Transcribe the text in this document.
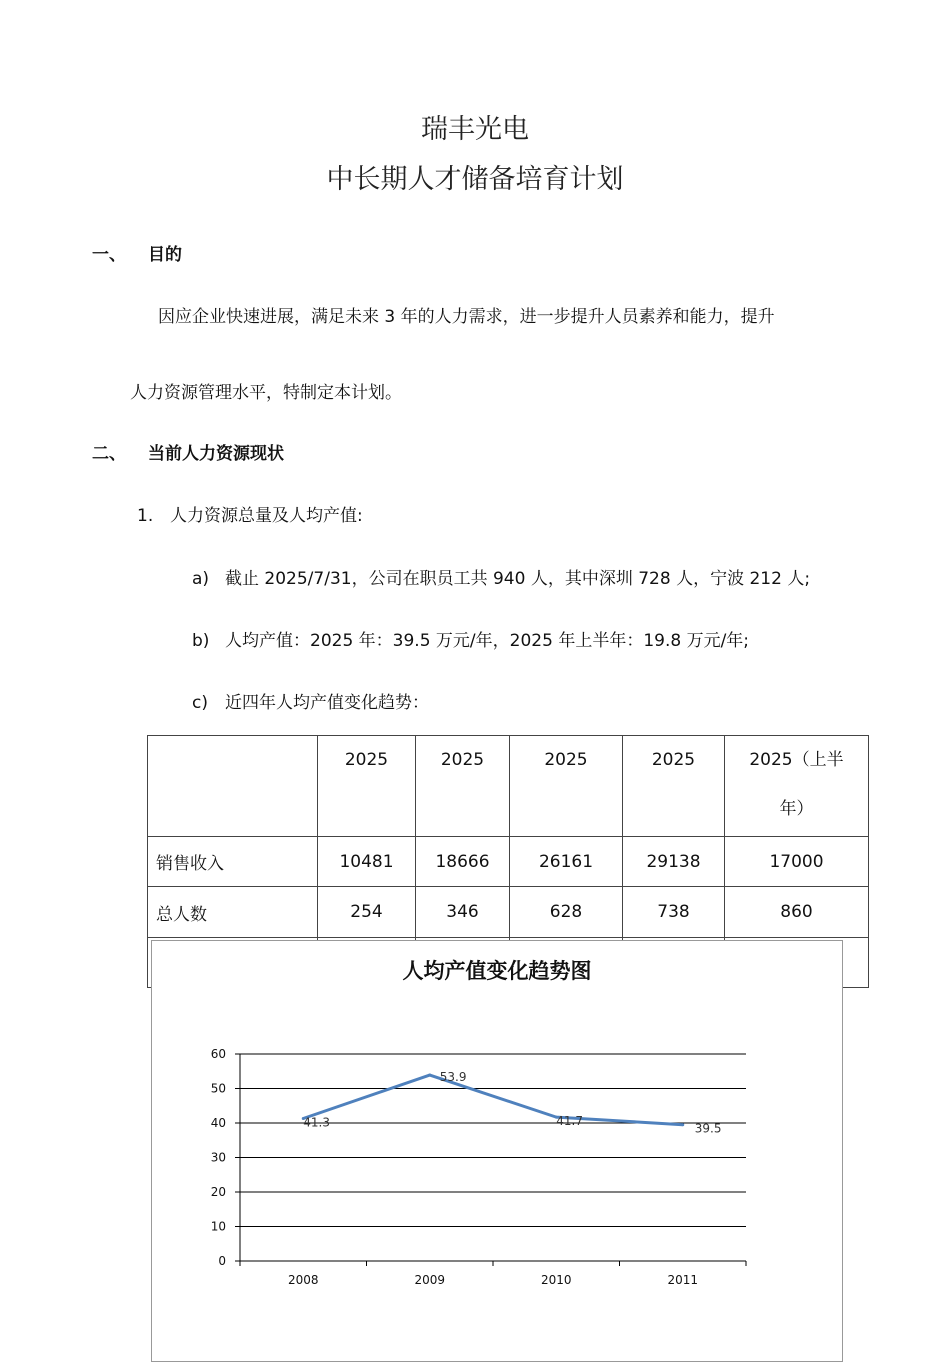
瑞丰光电
中长期人才储备培育计划
一、 目的
因应企业快速进展，满足未来 3 年的人力需求，进一步提升人员素养和能力，提升
人力资源管理水平，特制定本计划。
二、 当前人力资源现状
1. 人力资源总量及人均产值:
a) 截止 2025/7/31，公司在职员工共 940 人，其中深圳 728 人，宁波 212 人;
b) 人均产值：2025 年：39.5 万元/年，2025 年上半年：19.8 万元/年;
c) 近四年人均产值变化趋势：

	2025	2025	2025	2025	2025（上半
年）

销售收入	10481	18666	26161	29138	17000
总人数	254	346	628	738	860

人均产值变化趋势图
0
10
20
30
40
50
60
2008	2009	2010	2011
41.3
53.9
41.7
39.5
